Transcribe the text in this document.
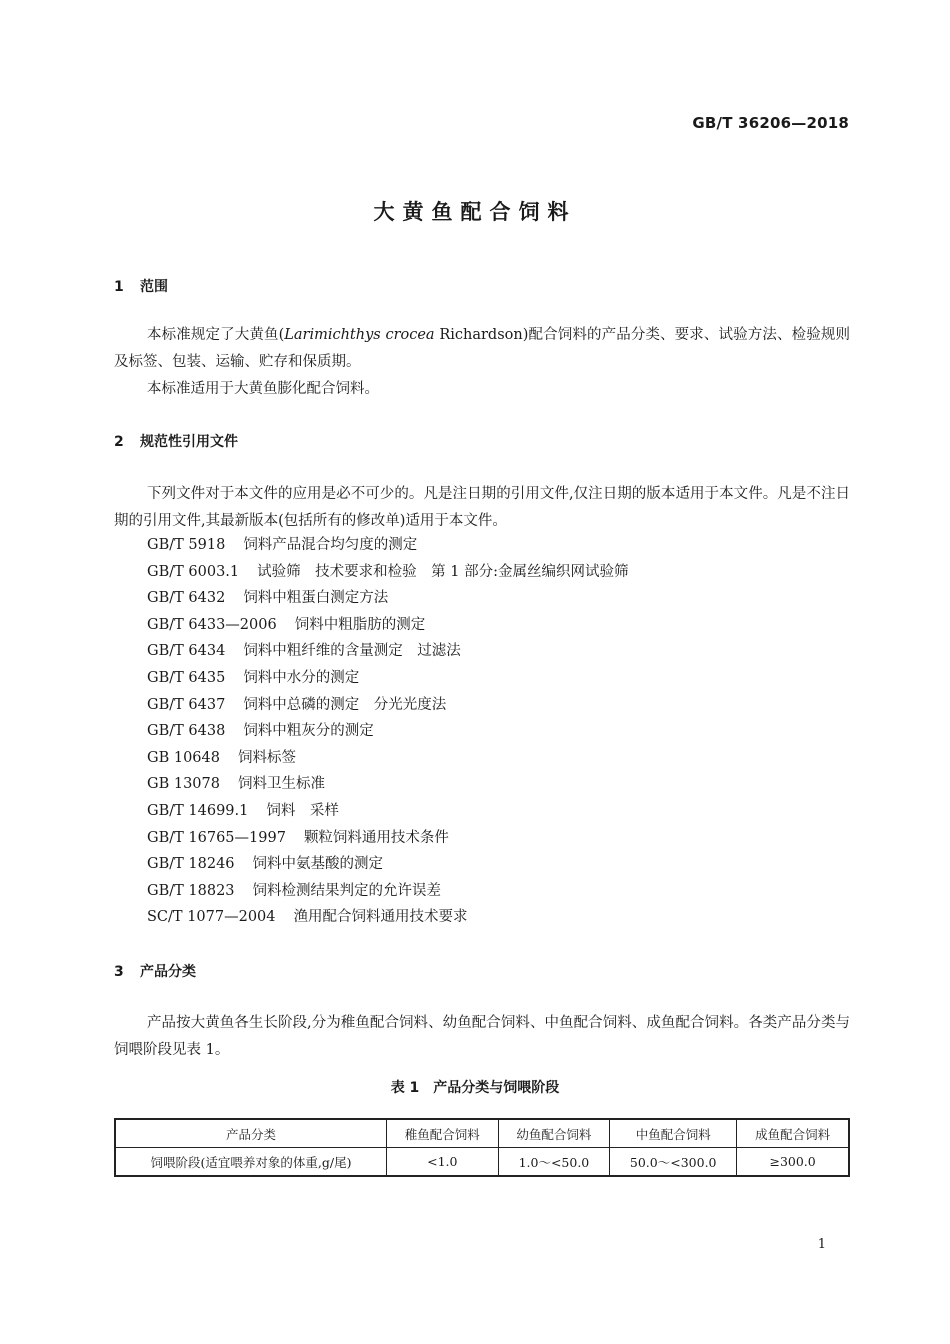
GB/T 36206—2018
大黄鱼配合饲料
1 范围

本标准规定了大黄鱼(Larimichthys crocea Richardson)配合饲料的产品分类、要求、试验方法、检验规则及标签、包装、运输、贮存和保质期。

本标准适用于大黄鱼膨化配合饲料。

2 规范性引用文件

下列文件对于本文件的应用是必不可少的。凡是注日期的引用文件,仅注日期的版本适用于本文件。凡是不注日期的引用文件,其最新版本(包括所有的修改单)适用于本文件。

GB/T 5918 饲料产品混合均匀度的测定
GB/T 6003.1 试验筛　技术要求和检验　第 1 部分:金属丝编织网试验筛
GB/T 6432 饲料中粗蛋白测定方法
GB/T 6433—2006 饲料中粗脂肪的测定
GB/T 6434 饲料中粗纤维的含量测定　过滤法
GB/T 6435 饲料中水分的测定
GB/T 6437 饲料中总磷的测定　分光光度法
GB/T 6438 饲料中粗灰分的测定
GB 10648 饲料标签
GB 13078 饲料卫生标准
GB/T 14699.1 饲料　采样
GB/T 16765—1997 颗粒饲料通用技术条件
GB/T 18246 饲料中氨基酸的测定
GB/T 18823 饲料检测结果判定的允许误差
SC/T 1077—2004 渔用配合饲料通用技术要求
3 产品分类

产品按大黄鱼各生长阶段,分为稚鱼配合饲料、幼鱼配合饲料、中鱼配合饲料、成鱼配合饲料。各类产品分类与饲喂阶段见表 1。

表 1　产品分类与饲喂阶段
产品分类	稚鱼配合饲料	幼鱼配合饲料	中鱼配合饲料	成鱼配合饲料
饲喂阶段(适宜喂养对象的体重,g/尾)	<1.0	1.0～<50.0	50.0～<300.0	≥300.0
1
